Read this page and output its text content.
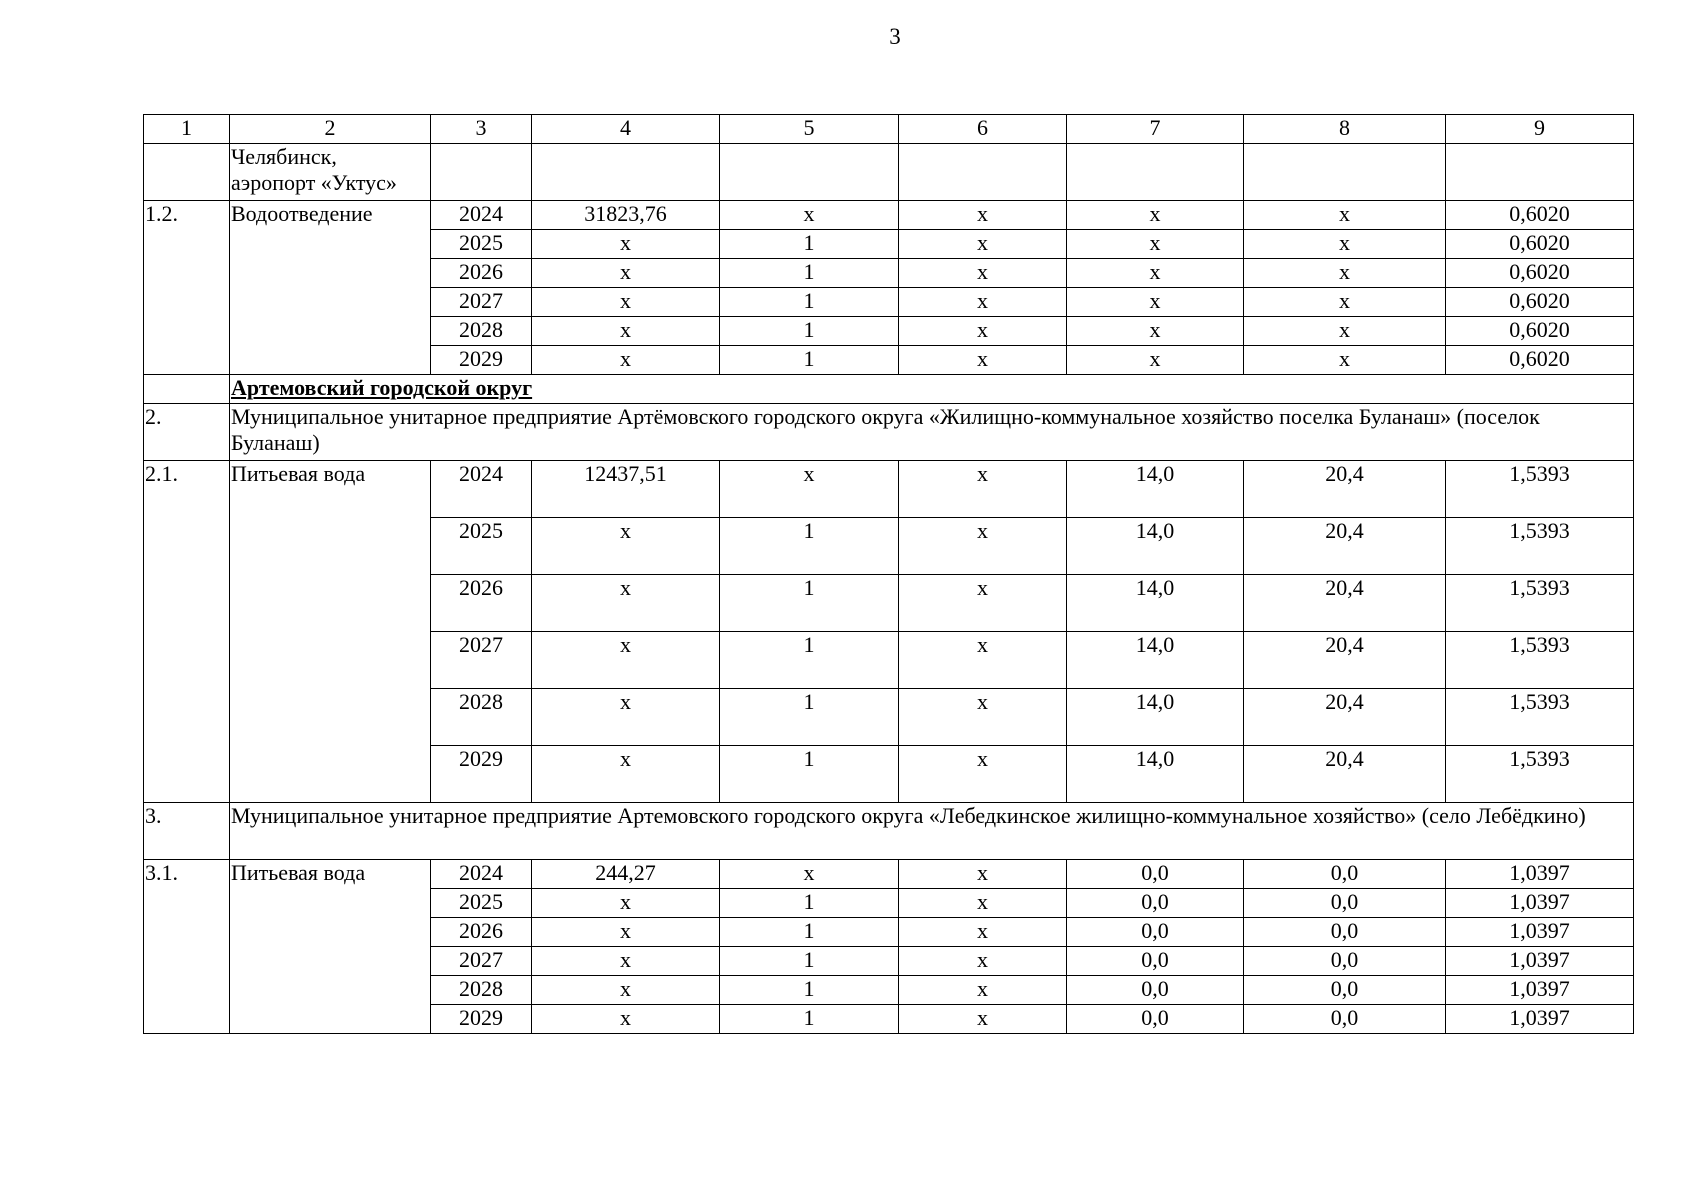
3
1	2	3	4	5	6	7	8	9
	Челябинск,
аэропорт «Уктус»							
1.2.	Водоотведение	2024	31823,76	х	х	х	х	0,6020
		2025	х	1	х	х	х	0,6020
		2026	х	1	х	х	х	0,6020
		2027	х	1	х	х	х	0,6020
		2028	х	1	х	х	х	0,6020
		2029	х	1	х	х	х	0,6020
	Артемовский городской округ							
2.	Муниципальное унитарное предприятие Артёмовского городского округа «Жилищно-коммунальное хозяйство поселка Буланаш» (поселок Буланаш)							
2.1.	Питьевая вода	2024	12437,51	х	х	14,0	20,4	1,5393
		2025	х	1	х	14,0	20,4	1,5393
		2026	х	1	х	14,0	20,4	1,5393
		2027	х	1	х	14,0	20,4	1,5393
		2028	х	1	х	14,0	20,4	1,5393
		2029	х	1	х	14,0	20,4	1,5393
3.	Муниципальное унитарное предприятие Артемовского городского округа «Лебедкинское жилищно-коммунальное хозяйство» (село Лебёдкино)							
3.1.	Питьевая вода	2024	244,27	х	х	0,0	0,0	1,0397
		2025	х	1	х	0,0	0,0	1,0397
		2026	х	1	х	0,0	0,0	1,0397
		2027	х	1	х	0,0	0,0	1,0397
		2028	х	1	х	0,0	0,0	1,0397
		2029	х	1	х	0,0	0,0	1,0397
